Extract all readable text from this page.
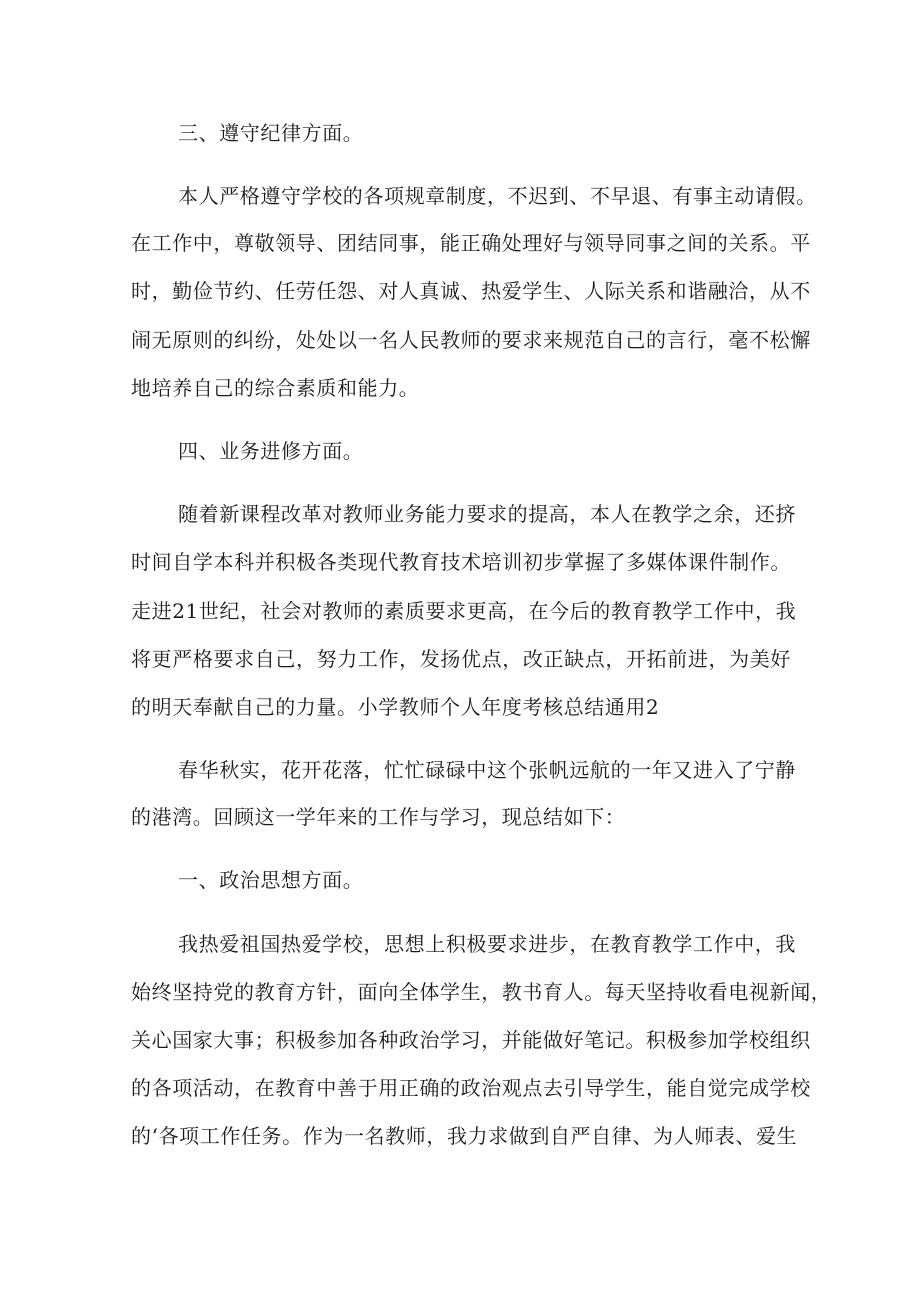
三、遵守纪律方面。
本人严格遵守学校的各项规章制度，不迟到、不早退、有事主动请假。
在工作中，尊敬领导、团结同事，能正确处理好与领导同事之间的关系。平
时，勤俭节约、任劳任怨、对人真诚、热爱学生、人际关系和谐融洽，从不
闹无原则的纠纷，处处以一名人民教师的要求来规范自己的言行，毫不松懈
地培养自己的综合素质和能力。
四、业务进修方面。
随着新课程改革对教师业务能力要求的提高，本人在教学之余，还挤
时间自学本科并积极各类现代教育技术培训初步掌握了多媒体课件制作。
走进21世纪，社会对教师的素质要求更高，在今后的教育教学工作中，我
将更严格要求自己，努力工作，发扬优点，改正缺点，开拓前进，为美好
的明天奉献自己的力量。小学教师个人年度考核总结通用2
春华秋实，花开花落，忙忙碌碌中这个张帆远航的一年又进入了宁静
的港湾。回顾这一学年来的工作与学习，现总结如下：
一、政治思想方面。
我热爱祖国热爱学校，思想上积极要求进步，在教育教学工作中，我
始终坚持党的教育方针，面向全体学生，教书育人。每天坚持收看电视新闻，
关心国家大事；积极参加各种政治学习，并能做好笔记。积极参加学校组织
的各项活动，在教育中善于用正确的政治观点去引导学生，能自觉完成学校
的‘各项工作任务。作为一名教师，我力求做到自严自律、为人师表、爱生
